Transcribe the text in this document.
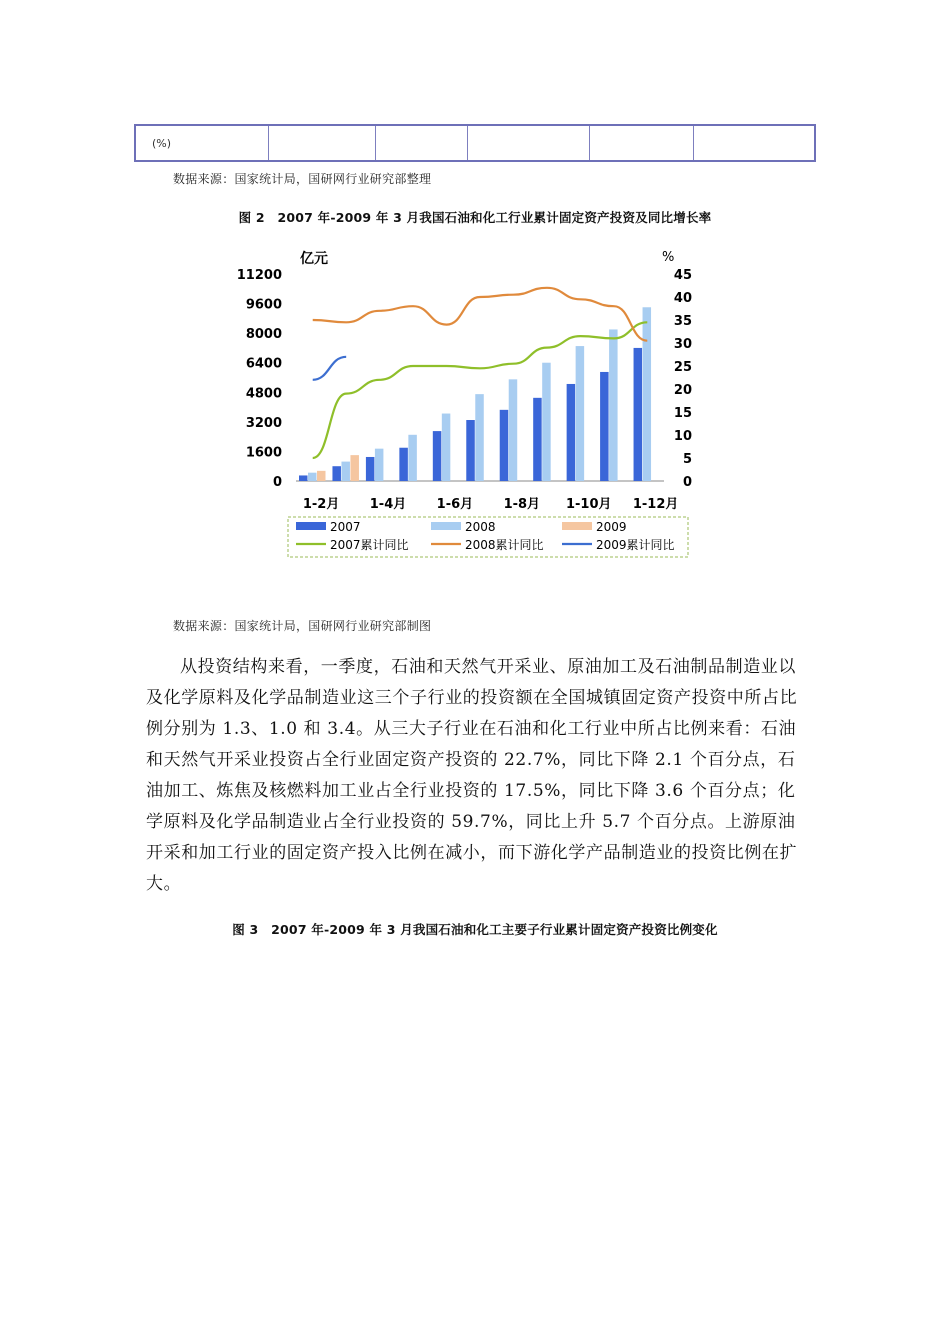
(%)					
数据来源：国家统计局，国研网行业研究部整理
图 2　2007 年-2009 年 3 月我国石油和化工行业累计固定资产投资及同比增长率
亿元	%
11200
9600
8000
6400
4800
3200
1600
0
45
40
35
30
25
20
15
10
5
0
1-2月 1-4月 1-6月 1-8月 1-10月 1-12月
2007	2008	2009
2007累计同比	2008累计同比	2009累计同比
数据来源：国家统计局，国研网行业研究部制图

从投资结构来看，一季度，石油和天然气开采业、原油加工及石油制品制造业以及化学原料及化学品制造业这三个子行业的投资额在全国城镇固定资产投资中所占比例分别为 1.3、1.0 和 3.4。从三大子行业在石油和化工行业中所占比例来看：石油和天然气开采业投资占全行业固定资产投资的 22.7%，同比下降 2.1 个百分点，石油加工、炼焦及核燃料加工业占全行业投资的 17.5%，同比下降 3.6 个百分点；化学原料及化学品制造业占全行业投资的 59.7%，同比上升 5.7 个百分点。上游原油开采和加工行业的固定资产投入比例在减小，而下游化学产品制造业的投资比例在扩大。

图 3　2007 年-2009 年 3 月我国石油和化工主要子行业累计固定资产投资比例变化
